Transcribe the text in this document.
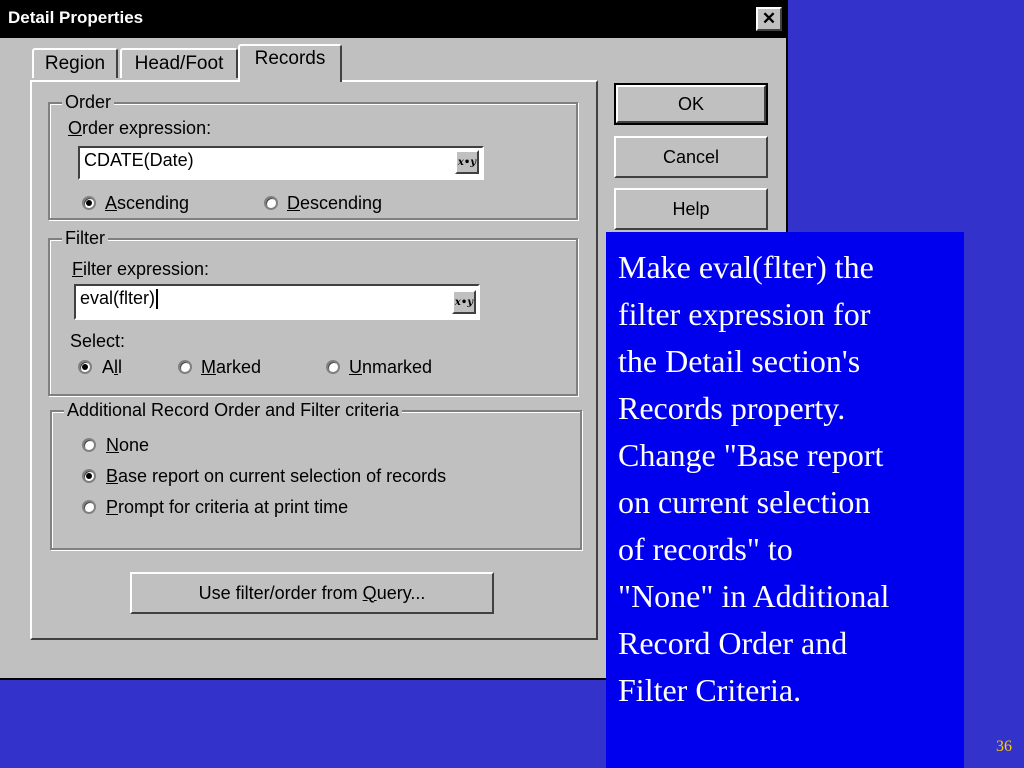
Detail Properties	✕
Region Head/Foot Records
Order
Order expression:
CDATE(Date)	x•y
Ascending	Descending
Filter
Filter expression:
eval(flter)	x•y
Select:
All	Marked	Unmarked
Additional Record Order and Filter criteria
None
Base report on current selection of records
Prompt for criteria at print time
Use filter/order from Query...
OK
Cancel
Help
Make eval(flter) the
filter expression for
the Detail section's
Records property.
Change "Base report
on current selection
of records" to
"None" in Additional
Record Order and
Filter Criteria.
36
